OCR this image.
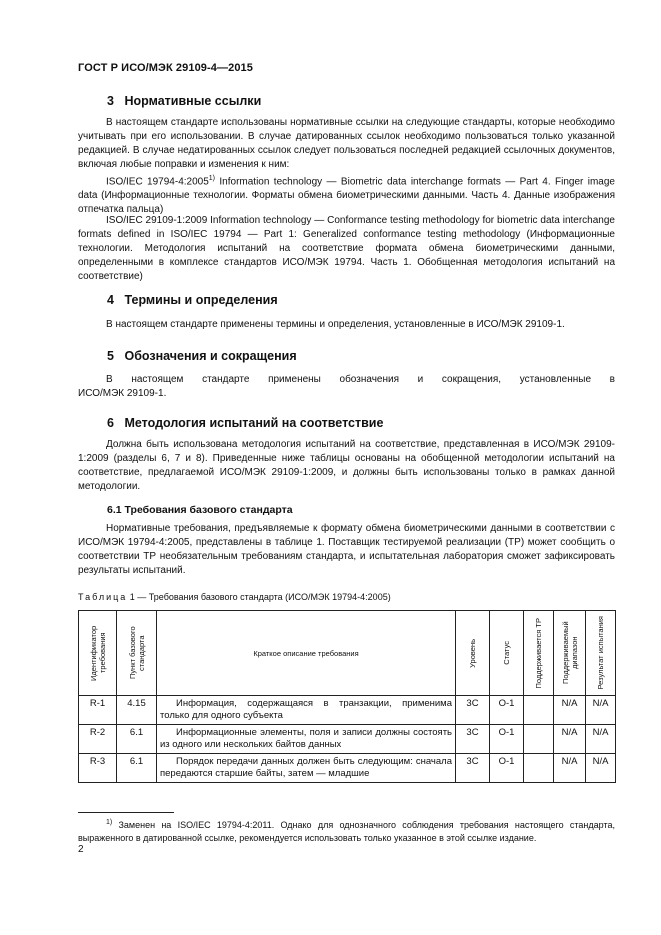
ГОСТ Р ИСО/МЭК 29109-4—2015
3 Нормативные ссылки
В настоящем стандарте использованы нормативные ссылки на следующие стандарты, которые необходимо учитывать при его использовании. В случае датированных ссылок необходимо пользоваться только указанной редакцией. В случае недатированных ссылок следует пользоваться последней редакцией ссылочных документов, включая любые поправки и изменения к ним:
ISO/IEC 19794-4:2005$^{1)}$ Information technology — Biometric data interchange formats — Part 4. Finger image data (Информационные технологии. Форматы обмена биометрическими данными. Часть 4. Данные изображения отпечатка пальца)
ISO/IEC 29109-1:2009 Information technology — Conformance testing methodology for biometric data interchange formats defined in ISO/IEC 19794 — Part 1: Generalized conformance testing methodology (Информационные технологии. Методология испытаний на соответствие формата обмена биометрическими данными, определенными в комплексе стандартов ИСО/МЭК 19794. Часть 1. Обобщенная методология испытаний на соответствие)
4 Термины и определения
В настоящем стандарте применены термины и определения, установленные в ИСО/МЭК 29109-1.
5 Обозначения и сокращения
В настоящем стандарте применены обозначения и сокращения, установленные в
ИСО/МЭК 29109-1.
6 Методология испытаний на соответствие
Должна быть использована методология испытаний на соответствие, представленная в ИСО/МЭК 29109-1:2009 (разделы 6, 7 и 8). Приведенные ниже таблицы основаны на обобщенной методологии испытаний на соответствие, предлагаемой ИСО/МЭК 29109-1:2009, и должны быть использованы только в рамках данной методологии.
6.1 Требования базового стандарта
Нормативные требования, предъявляемые к формату обмена биометрическими данными в соответствии с ИСО/МЭК 19794-4:2005, представлены в таблице 1. Поставщик тестируемой реализации (ТР) может сообщить о соответствии ТР необязательным требованиям стандарта, и испытательная лаборатория сможет зафиксировать результаты испытаний.
Таблица 1 — Требования базового стандарта (ИСО/МЭК 19794-4:2005)
Идентификатор требования	Пункт базового стандарта	Краткое описание требования	Уровень	Статус	Поддерживается ТР	Поддерживаемый диапазон	Результат испытания

R-1	4.15	Информация, содержащаяся в транзакции, применима только для одного субъекта	3C	O-1		N/A	N/A
R-2	6.1	Информационные элементы, поля и записи должны состоять из одного или нескольких байтов данных	3C	O-1		N/A	N/A
R-3	6.1	Порядок передачи данных должен быть следующим: сначала передаются старшие байты, затем — младшие	3C	O-1		N/A	N/A
$^{1)}$ Заменен на ISO/IEC 19794-4:2011. Однако для однозначного соблюдения требования настоящего стандарта, выраженного в датированной ссылке, рекомендуется использовать только указанное в этой ссылке издание.
2
